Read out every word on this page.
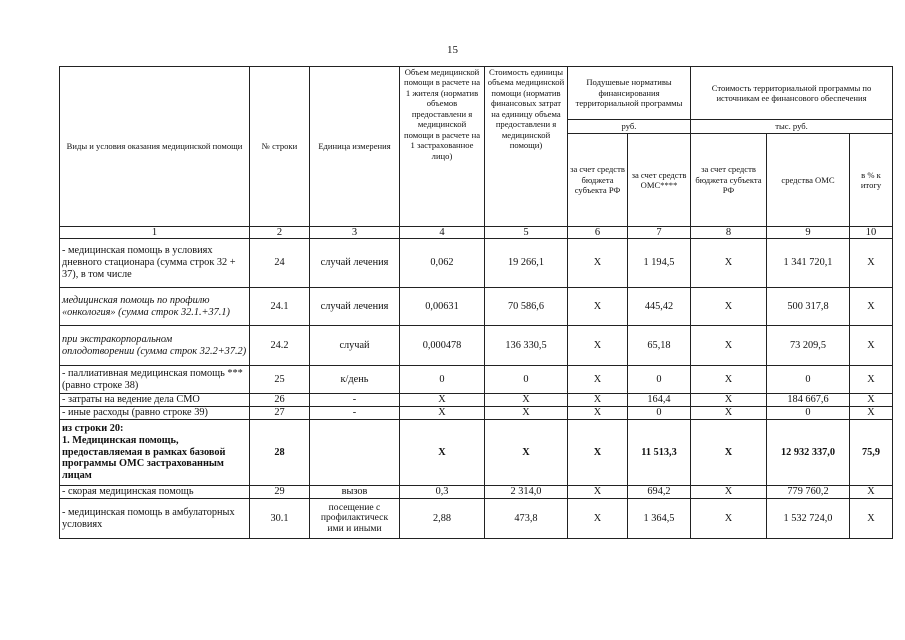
15
Виды и условия оказания медицинской помощи	№ строки	Единица измерения	Объем медицинской помощи в расчете на 1 жителя (норматив объемов предоставлени я медицинской помощи в расчете на 1 застрахованное лицо)	Стоимость единицы объема медицинской помощи (норматив финансовых затрат на единицу объема предоставлени я медицинской помощи)	Подушевые нормативы финансирования территориальной программы		Стоимость территориальной программы по источникам ее финансового обеспечения		
					руб.		тыс. руб.		
					за счет средств бюджета субъекта РФ	за счет средств ОМС****	за счет средств бюджета субъекта РФ	средства ОМС	в % к итогу
1	2	3	4	5	6	7	8	9	10
- медицинская помощь в условиях дневного стационара (сумма строк 32 + 37), в том числе	24	случай лечения	0,062	19 266,1	X	1 194,5	X	1 341 720,1	X
медицинская помощь по профилю «онкология» (сумма строк 32.1.+37.1)	24.1	случай лечения	0,00631	70 586,6	X	445,42	X	500 317,8	X
при экстракорпоральном оплодотворении (сумма строк 32.2+37.2)	24.2	случай	0,000478	136 330,5	X	65,18	X	73 209,5	X
- паллиативная медицинская помощь *** (равно строке 38)	25	к/день	0	0	X	0	X	0	X
- затраты на ведение дела СМО	26	-	X	X	X	164,4	X	184 667,6	X
- иные расходы (равно строке 39)	27	-	X	X	X	0	X	0	X
из строки 20:
1. Медицинская помощь, предоставляемая в рамках базовой программы ОМС застрахованным лицам	28		X	X	X	11 513,3	X	12 932 337,0	75,9
- скорая медицинская помощь	29	вызов	0,3	2 314,0	X	694,2	X	779 760,2	X
- медицинская помощь в амбулаторных условиях	30.1	посещение с профилактическ ими и иными	2,88	473,8	X	1 364,5	X	1 532 724,0	X
